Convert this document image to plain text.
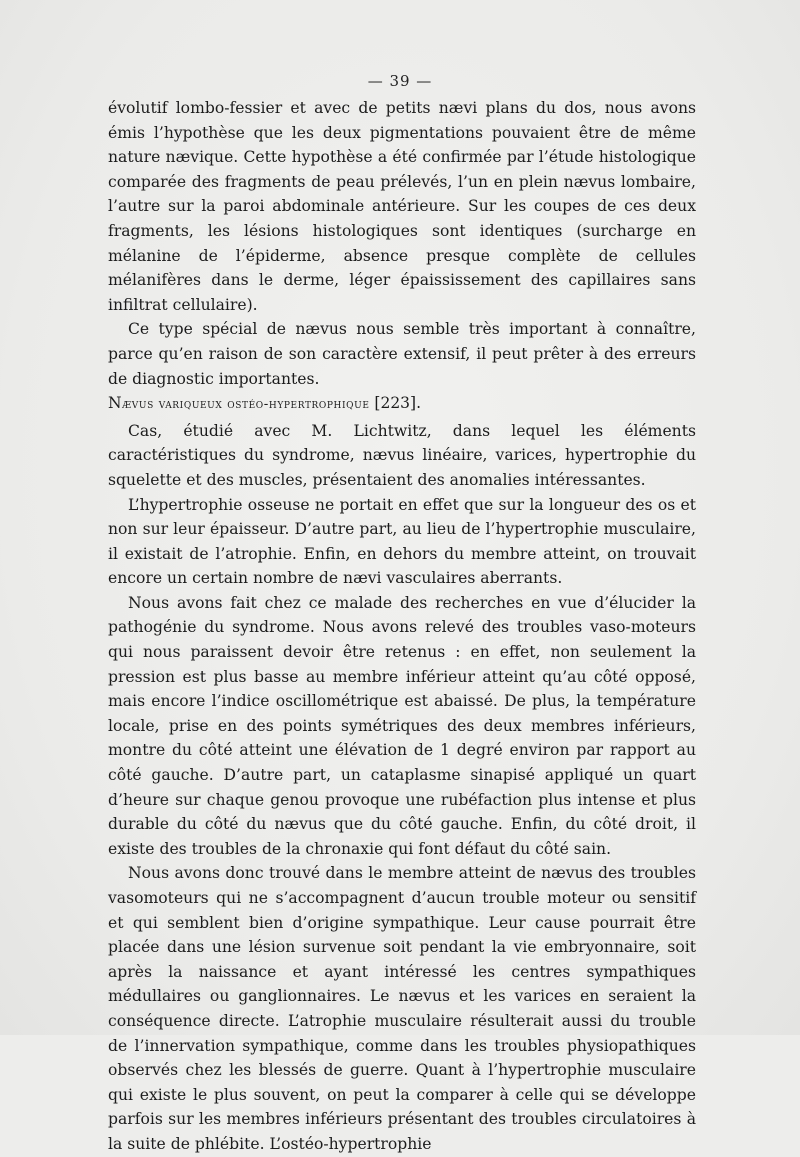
— 39 —

évolutif lombo-fessier et avec de petits nævi plans du dos, nous avons émis l’hypothèse que les deux pigmentations pouvaient être de même nature nævique. Cette hypothèse a été confirmée par l’étude histologique comparée des fragments de peau prélevés, l’un en plein nævus lombaire, l’autre sur la paroi abdominale antérieure. Sur les coupes de ces deux fragments, les lésions histologiques sont identiques (surcharge en mélanine de l’épiderme, absence presque complète de cellules mélanifères dans le derme, léger épaississement des capillaires sans infiltrat cellulaire).

Ce type spécial de nævus nous semble très important à connaître, parce qu’en raison de son caractère extensif, il peut prêter à des erreurs de diagnostic importantes.

Nævus variqueux ostéo-hypertrophique [223].

Cas, étudié avec M. Lichtwitz, dans lequel les éléments caractéristiques du syndrome, nævus linéaire, varices, hypertrophie du squelette et des muscles, présentaient des anomalies intéressantes.

L’hypertrophie osseuse ne portait en effet que sur la longueur des os et non sur leur épaisseur. D’autre part, au lieu de l’hypertrophie musculaire, il existait de l’atrophie. Enfin, en dehors du membre atteint, on trouvait encore un certain nombre de nævi vasculaires aberrants.

Nous avons fait chez ce malade des recherches en vue d’élucider la pathogénie du syndrome. Nous avons relevé des troubles vaso-moteurs qui nous paraissent devoir être retenus : en effet, non seulement la pression est plus basse au membre inférieur atteint qu’au côté opposé, mais encore l’indice oscillométrique est abaissé. De plus, la température locale, prise en des points symétriques des deux membres inférieurs, montre du côté atteint une élévation de 1 degré environ par rapport au côté gauche. D’autre part, un cataplasme sinapisé appliqué un quart d’heure sur chaque genou provoque une rubéfaction plus intense et plus durable du côté du nævus que du côté gauche. Enfin, du côté droit, il existe des troubles de la chronaxie qui font défaut du côté sain.

Nous avons donc trouvé dans le membre atteint de nævus des troubles vasomoteurs qui ne s’accompagnent d’aucun trouble moteur ou sensitif et qui semblent bien d’origine sympathique. Leur cause pourrait être placée dans une lésion survenue soit pendant la vie embryonnaire, soit après la naissance et ayant intéressé les centres sympathiques médullaires ou ganglionnaires. Le nævus et les varices en seraient la conséquence directe. L’atrophie musculaire résulterait aussi du trouble de l’innervation sympathique, comme dans les troubles physiopathiques observés chez les blessés de guerre. Quant à l’hypertrophie musculaire qui existe le plus souvent, on peut la comparer à celle qui se développe parfois sur les membres inférieurs présentant des troubles circulatoires à la suite de phlébite. L’ostéo-hypertrophie
